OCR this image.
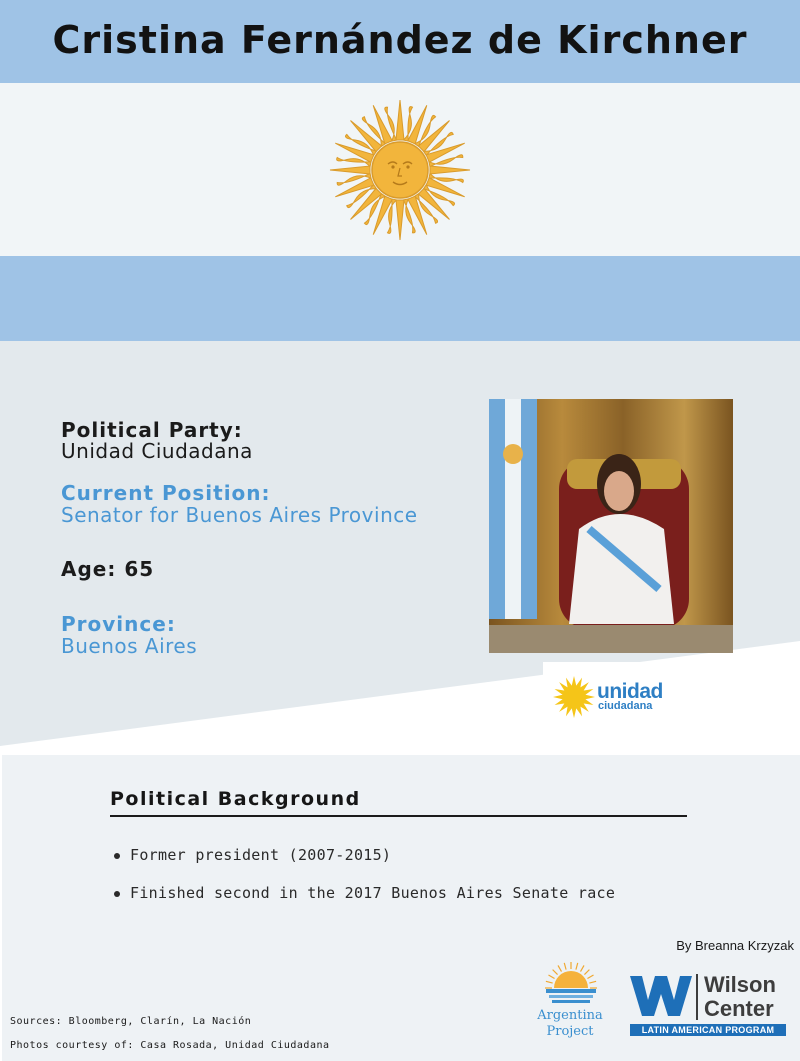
Cristina Fernández de Kirchner
Political Party:
Unidad Ciudadana
Current Position:
Senator for Buenos Aires Province
Age: 65
Province:
Buenos Aires
unidad
ciudadana
Political Background
Former president (2007-2015)
Finished second in the 2017 Buenos Aires Senate race
By Breanna Krzyzak
Sources: Bloomberg, Clarín, La Nación
Photos courtesy of: Casa Rosada, Unidad Ciudadana
Argentina
Project
Wilson
Center
LATIN AMERICAN PROGRAM
